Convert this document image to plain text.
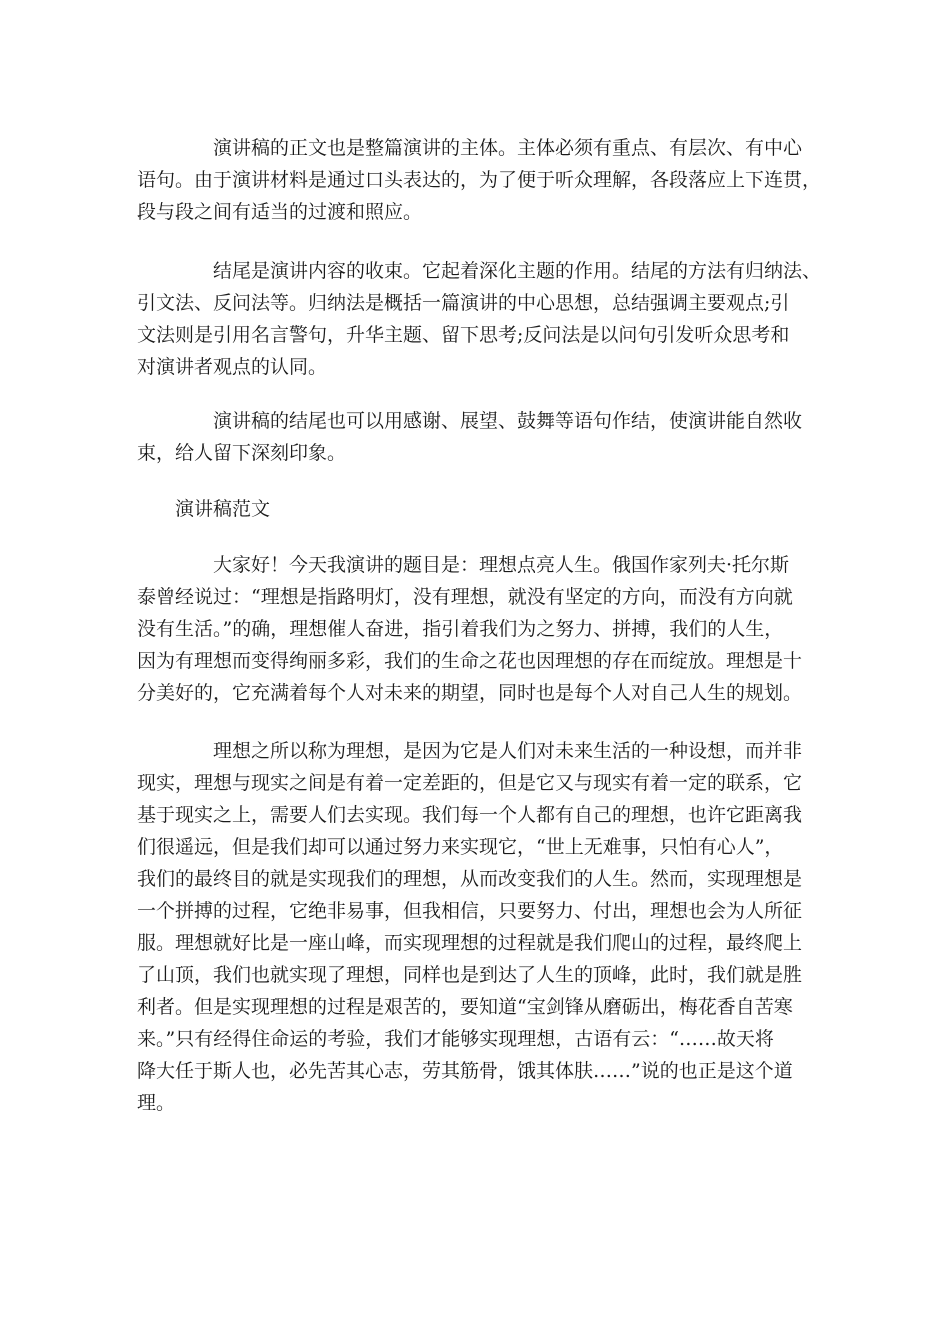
演讲稿的正文也是整篇演讲的主体。主体必须有重点、有层次、有中心
语句。由于演讲材料是通过口头表达的，为了便于听众理解，各段落应上下连贯，
段与段之间有适当的过渡和照应。
结尾是演讲内容的收束。它起着深化主题的作用。结尾的方法有归纳法、
引文法、反问法等。归纳法是概括一篇演讲的中心思想，总结强调主要观点;引
文法则是引用名言警句，升华主题、留下思考;反问法是以问句引发听众思考和
对演讲者观点的认同。
演讲稿的结尾也可以用感谢、展望、鼓舞等语句作结，使演讲能自然收
束，给人留下深刻印象。
演讲稿范文
大家好！今天我演讲的题目是：理想点亮人生。俄国作家列夫·托尔斯
泰曾经说过：“理想是指路明灯，没有理想，就没有坚定的方向，而没有方向就
没有生活。”的确，理想催人奋进，指引着我们为之努力、拼搏，我们的人生，
因为有理想而变得绚丽多彩，我们的生命之花也因理想的存在而绽放。理想是十
分美好的，它充满着每个人对未来的期望，同时也是每个人对自己人生的规划。
理想之所以称为理想，是因为它是人们对未来生活的一种设想，而并非
现实，理想与现实之间是有着一定差距的，但是它又与现实有着一定的联系，它
基于现实之上，需要人们去实现。我们每一个人都有自己的理想，也许它距离我
们很遥远，但是我们却可以通过努力来实现它，“世上无难事，只怕有心人”，
我们的最终目的就是实现我们的理想，从而改变我们的人生。然而，实现理想是
一个拼搏的过程，它绝非易事，但我相信，只要努力、付出，理想也会为人所征
服。理想就好比是一座山峰，而实现理想的过程就是我们爬山的过程，最终爬上
了山顶，我们也就实现了理想，同样也是到达了人生的顶峰，此时，我们就是胜
利者。但是实现理想的过程是艰苦的，要知道“宝剑锋从磨砺出，梅花香自苦寒
来。”只有经得住命运的考验，我们才能够实现理想，古语有云：“……故天将
降大任于斯人也，必先苦其心志，劳其筋骨，饿其体肤……”说的也正是这个道
理。
